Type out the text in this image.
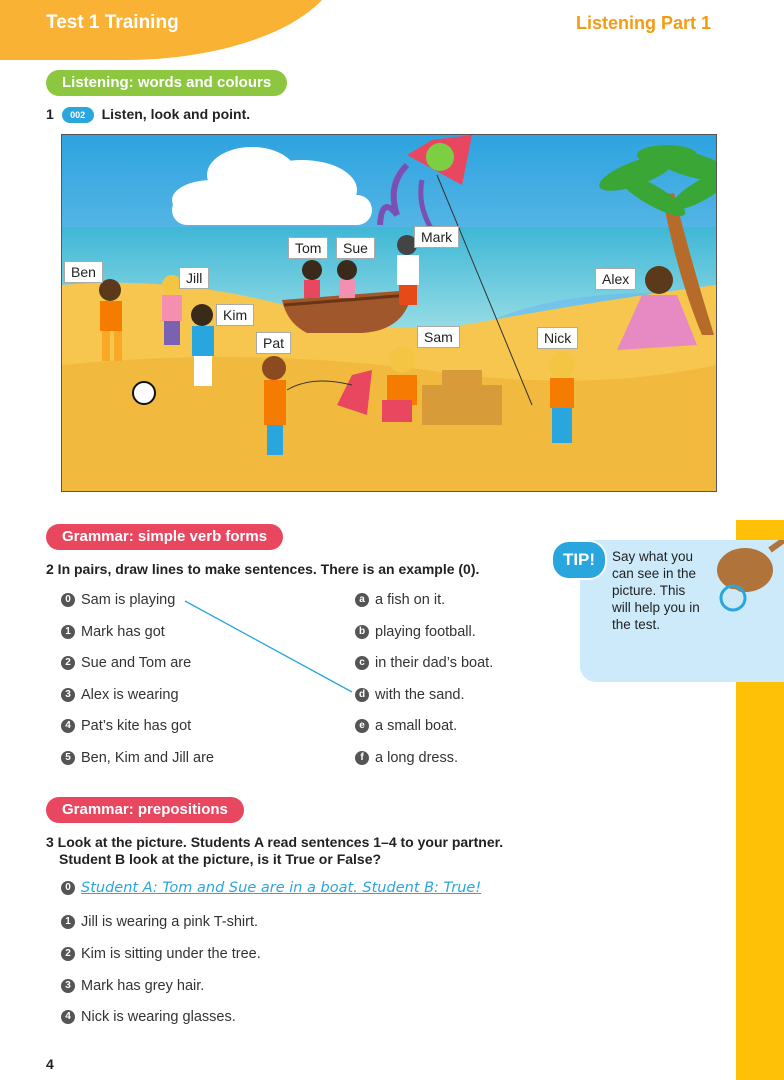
Test 1 Training	Listening Part 1
Listening: words and colours
1 002 Listen, look and point.
Ben	Jill
Kim
Tom	Sue
Mark
Pat	Sam	Nick
Alex
Grammar: simple verb forms
2 In pairs, draw lines to make sentences. There is an example (0).
0 Sam is playing
1 Mark has got
2 Sue and Tom are
3 Alex is wearing
4 Pat’s kite has got
5 Ben, Kim and Jill are
a a fish on it.
b playing football.
c in their dad’s boat.
d with the sand.
e a small boat.
f a long dress.
TIP!	Say what you can see in the picture. This will help you in the test.
Grammar: prepositions
3 Look at the picture. Students A read sentences 1–4 to your partner.
Student B look at the picture, is it True or False?
0 Student A: Tom and Sue are in a boat. Student B: True!
1 Jill is wearing a pink T-shirt.
2 Kim is sitting under the tree.
3 Mark has grey hair.
4 Nick is wearing glasses.
4
